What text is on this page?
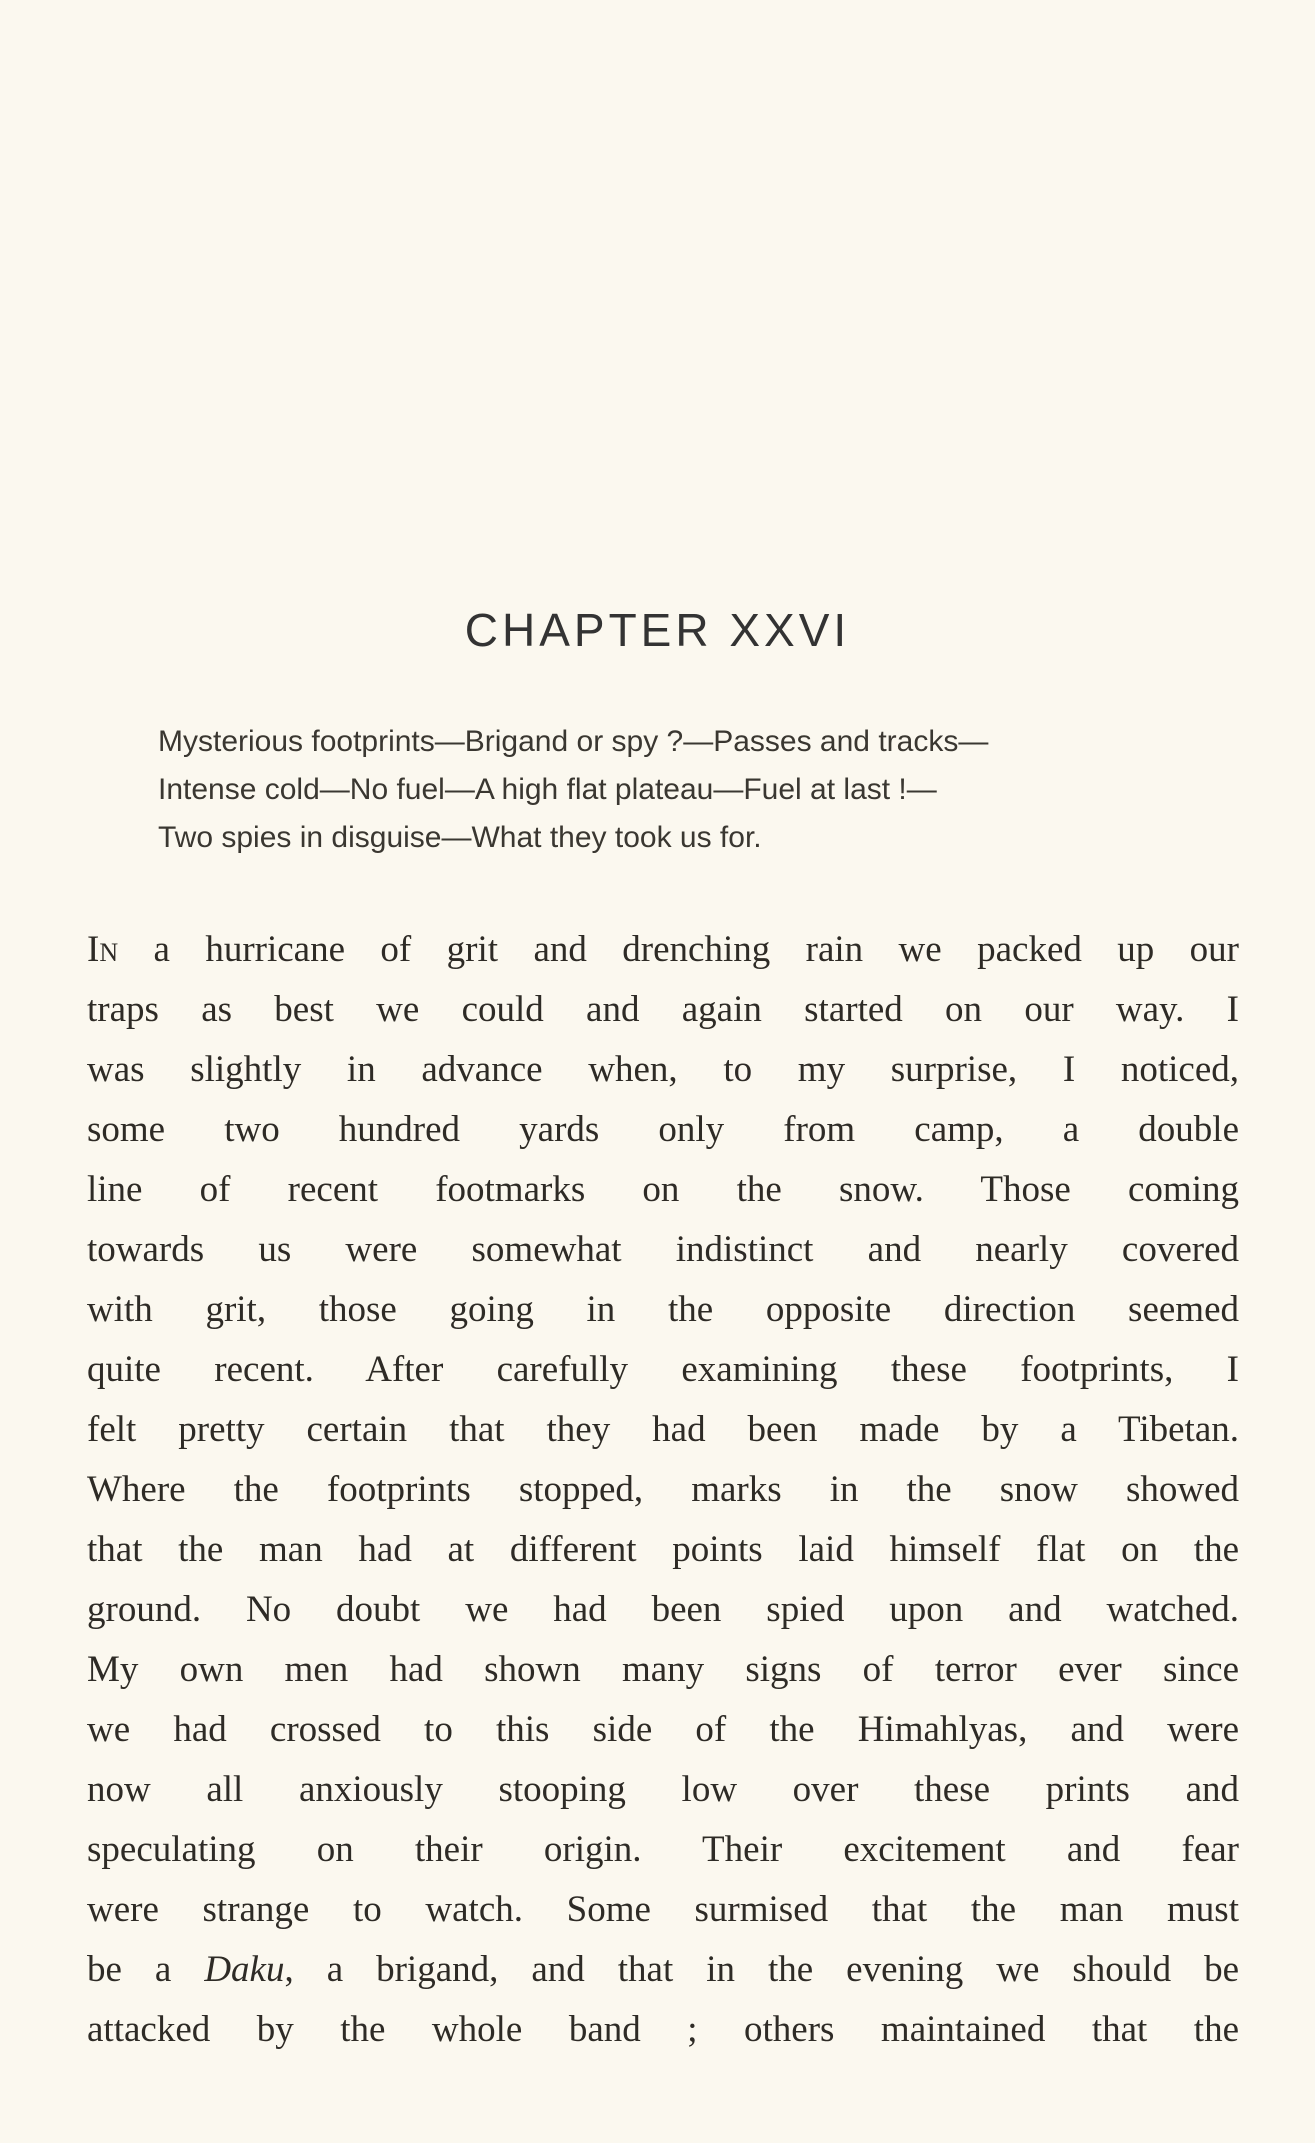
CHAPTER XXVI
Mysterious footprints—Brigand or spy ?—Passes and tracks—
Intense cold—No fuel—A high flat plateau—Fuel at last !—
Two spies in disguise—What they took us for.
In a hurricane of grit and drenching rain we packed up our
traps as best we could and again started on our way. I
was slightly in advance when, to my surprise, I noticed,
some two hundred yards only from camp, a double
line of recent footmarks on the snow. Those coming
towards us were somewhat indistinct and nearly covered
with grit, those going in the opposite direction seemed
quite recent. After carefully examining these footprints, I
felt pretty certain that they had been made by a Tibetan.
Where the footprints stopped, marks in the snow showed
that the man had at different points laid himself flat on the
ground. No doubt we had been spied upon and watched.
My own men had shown many signs of terror ever since
we had crossed to this side of the Himahlyas, and were
now all anxiously stooping low over these prints and
speculating on their origin. Their excitement and fear
were strange to watch. Some surmised that the man must
be a Daku, a brigand, and that in the evening we should be
attacked by the whole band ; others maintained that the
